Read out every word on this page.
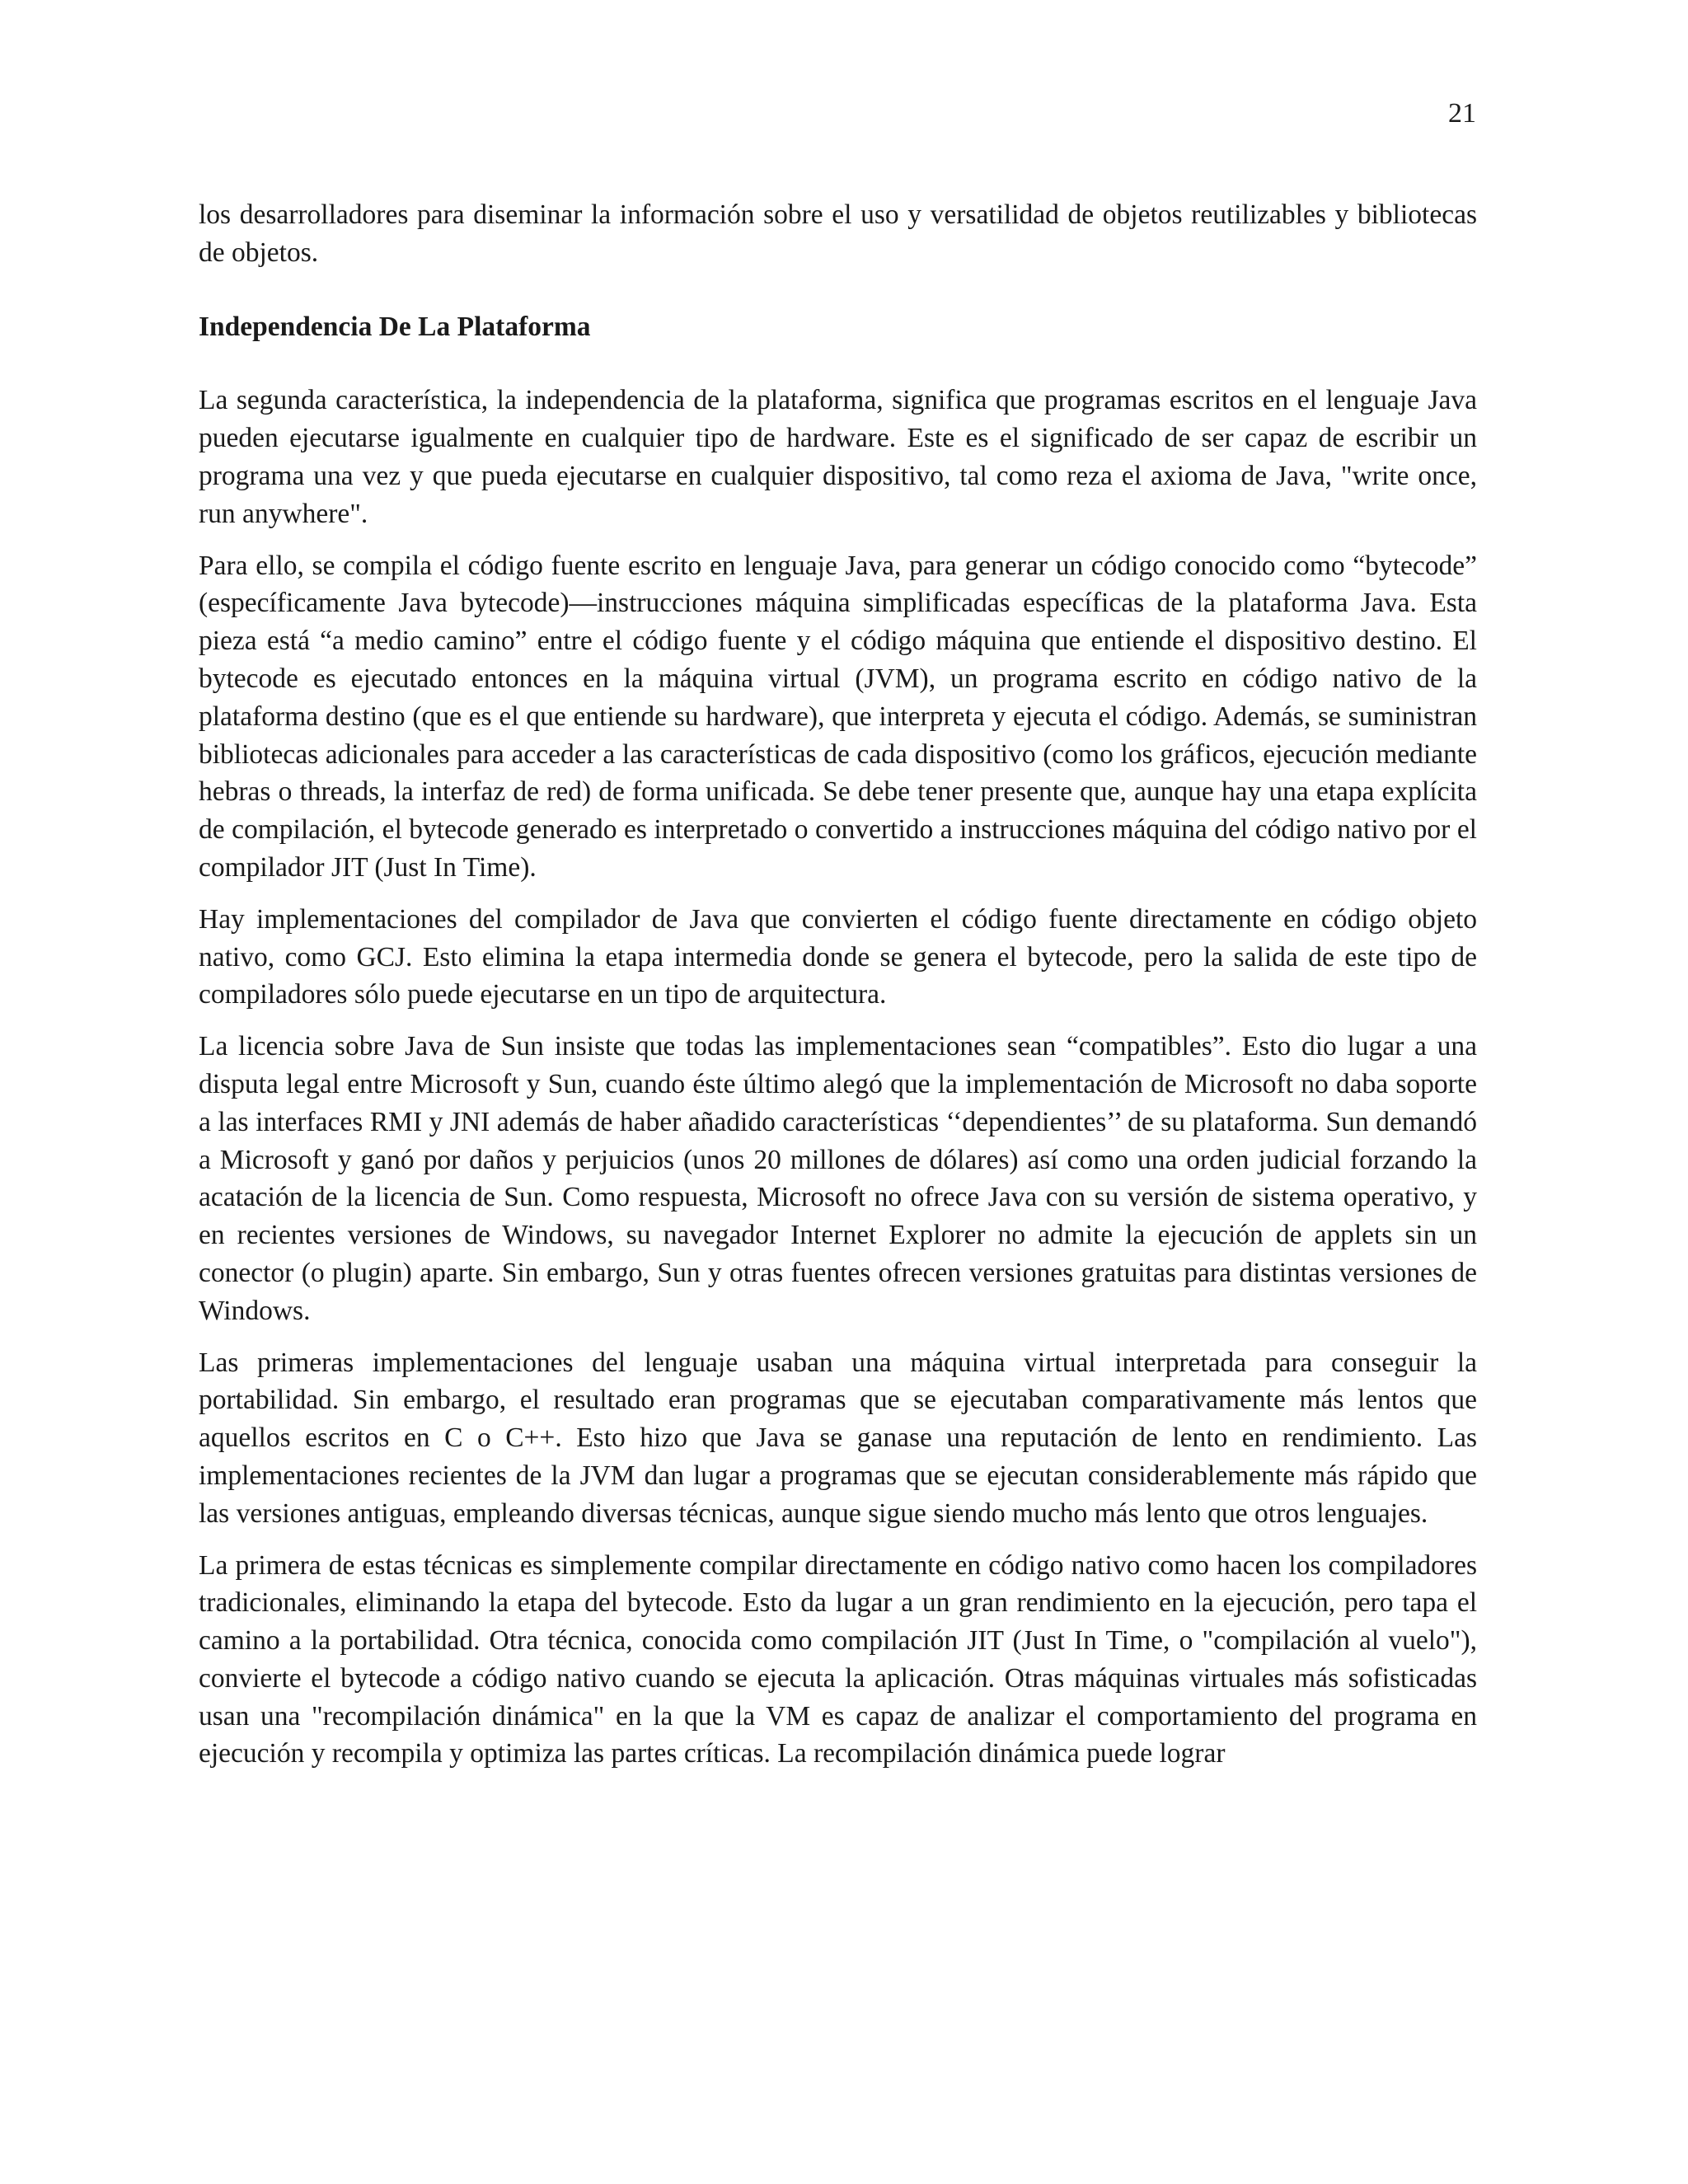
21

los desarrolladores para diseminar la información sobre el uso y versatilidad de objetos reutilizables y bibliotecas de objetos.

Independencia De La Plataforma

La segunda característica, la independencia de la plataforma, significa que programas escritos en el lenguaje Java pueden ejecutarse igualmente en cualquier tipo de hardware. Este es el significado de ser capaz de escribir un programa una vez y que pueda ejecutarse en cualquier dispositivo, tal como reza el axioma de Java, "write once, run anywhere".

Para ello, se compila el código fuente escrito en lenguaje Java, para generar un código conocido como “bytecode” (específicamente Java bytecode)—instrucciones máquina simplificadas específicas de la plataforma Java. Esta pieza está “a medio camino” entre el código fuente y el código máquina que entiende el dispositivo destino. El bytecode es ejecutado entonces en la máquina virtual (JVM), un programa escrito en código nativo de la plataforma destino (que es el que entiende su hardware), que interpreta y ejecuta el código. Además, se suministran bibliotecas adicionales para acceder a las características de cada dispositivo (como los gráficos, ejecución mediante hebras o threads, la interfaz de red) de forma unificada. Se debe tener presente que, aunque hay una etapa explícita de compilación, el bytecode generado es interpretado o convertido a instrucciones máquina del código nativo por el compilador JIT (Just In Time).

Hay implementaciones del compilador de Java que convierten el código fuente directamente en código objeto nativo, como GCJ. Esto elimina la etapa intermedia donde se genera el bytecode, pero la salida de este tipo de compiladores sólo puede ejecutarse en un tipo de arquitectura.

La licencia sobre Java de Sun insiste que todas las implementaciones sean “compatibles”. Esto dio lugar a una disputa legal entre Microsoft y Sun, cuando éste último alegó que la implementación de Microsoft no daba soporte a las interfaces RMI y JNI además de haber añadido características ‘‘dependientes’’ de su plataforma. Sun demandó a Microsoft y ganó por daños y perjuicios (unos 20 millones de dólares) así como una orden judicial forzando la acatación de la licencia de Sun. Como respuesta, Microsoft no ofrece Java con su versión de sistema operativo, y en recientes versiones de Windows, su navegador Internet Explorer no admite la ejecución de applets sin un conector (o plugin) aparte. Sin embargo, Sun y otras fuentes ofrecen versiones gratuitas para distintas versiones de Windows.

Las primeras implementaciones del lenguaje usaban una máquina virtual interpretada para conseguir la portabilidad. Sin embargo, el resultado eran programas que se ejecutaban comparativamente más lentos que aquellos escritos en C o C++. Esto hizo que Java se ganase una reputación de lento en rendimiento. Las implementaciones recientes de la JVM dan lugar a programas que se ejecutan considerablemente más rápido que las versiones antiguas, empleando diversas técnicas, aunque sigue siendo mucho más lento que otros lenguajes.

La primera de estas técnicas es simplemente compilar directamente en código nativo como hacen los compiladores tradicionales, eliminando la etapa del bytecode. Esto da lugar a un gran rendimiento en la ejecución, pero tapa el camino a la portabilidad. Otra técnica, conocida como compilación JIT (Just In Time, o "compilación al vuelo"), convierte el bytecode a código nativo cuando se ejecuta la aplicación. Otras máquinas virtuales más sofisticadas usan una "recompilación dinámica" en la que la VM es capaz de analizar el comportamiento del programa en ejecución y recompila y optimiza las partes críticas. La recompilación dinámica puede lograr
